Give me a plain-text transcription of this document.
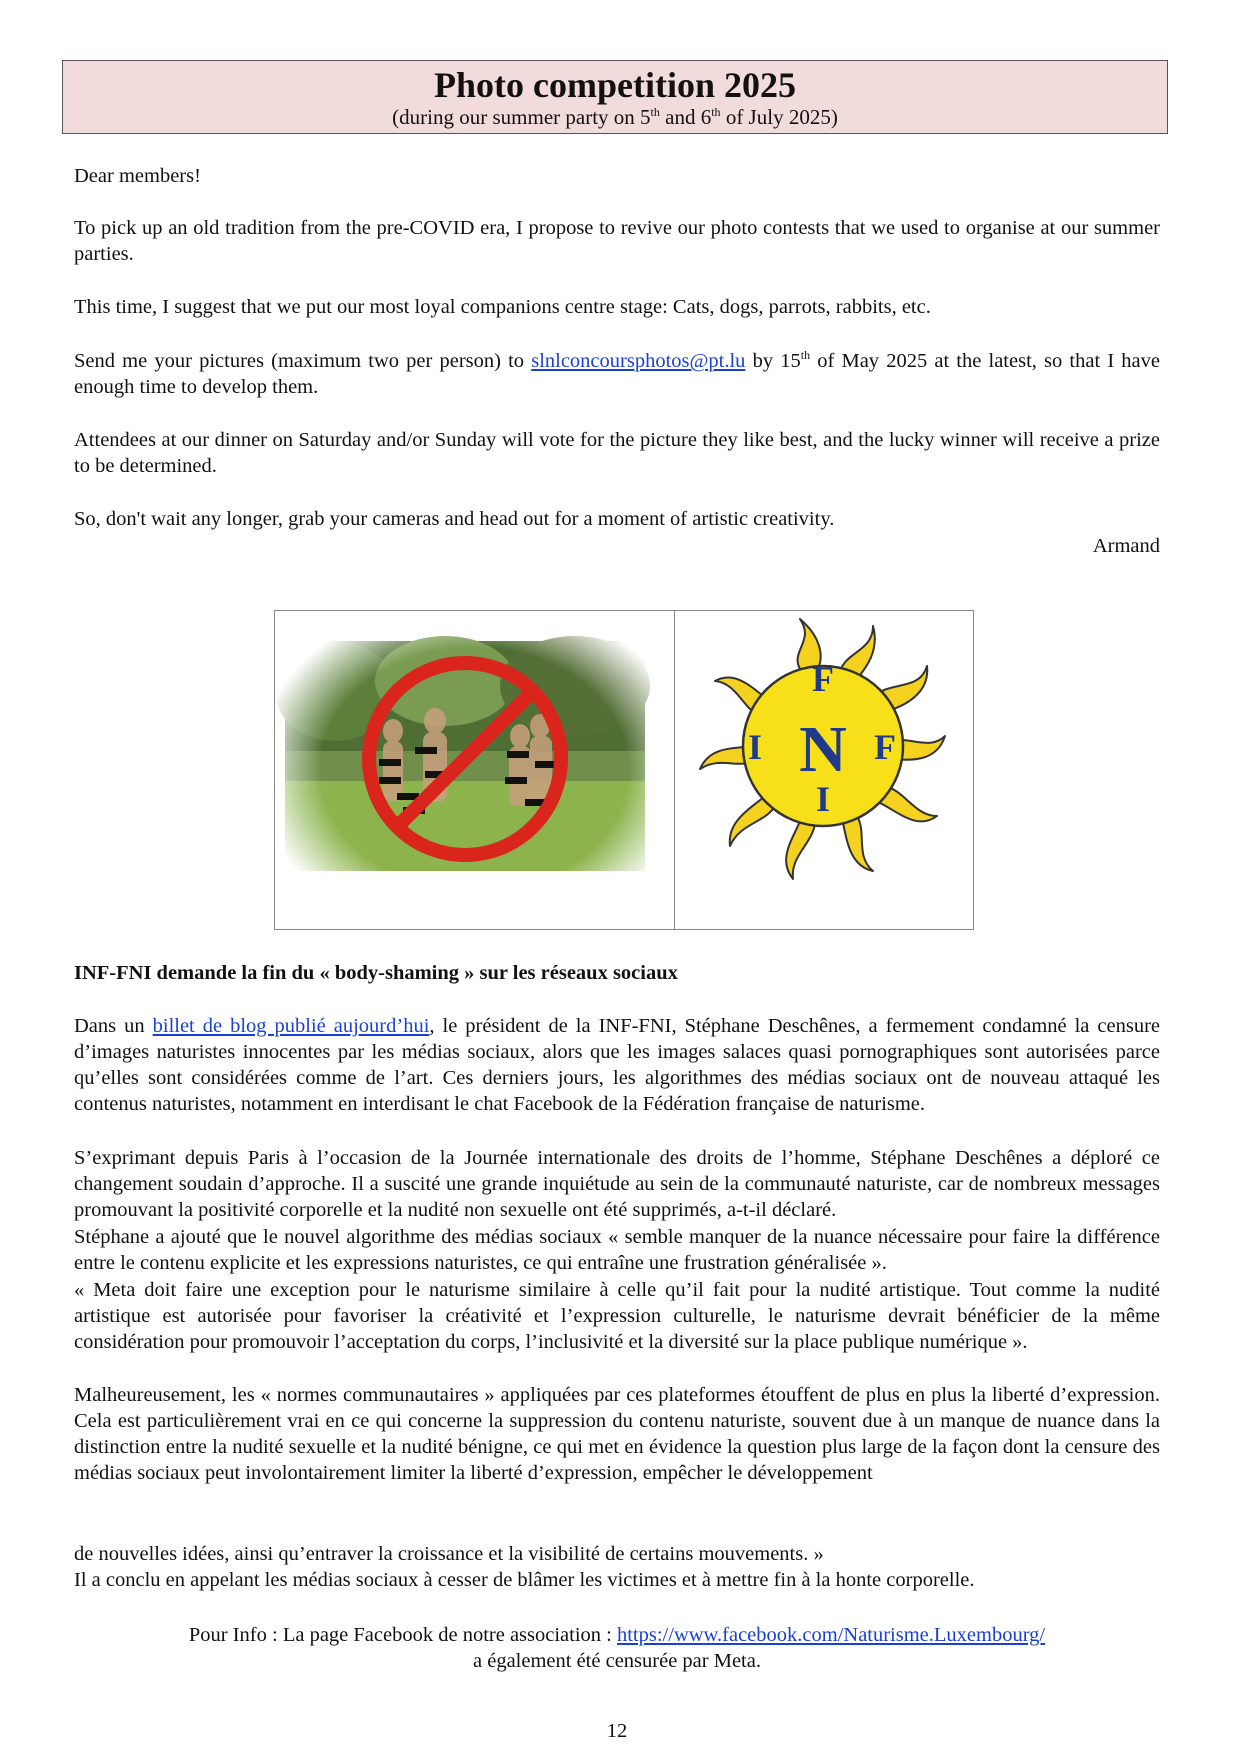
Photo competition 2025
(during our summer party on 5th and 6th of July 2025)
Dear members!
To pick up an old tradition from the pre-COVID era, I propose to revive our photo contests that we used to organise at our summer parties.
This time, I suggest that we put our most loyal companions centre stage: Cats, dogs, parrots, rabbits, etc.
Send me your pictures (maximum two per person) to slnlconcoursphotos@pt.lu by 15th of May 2025 at the latest, so that I have enough time to develop them.
Attendees at our dinner on Saturday and/or Sunday will vote for the picture they like best, and the lucky winner will receive a prize to be determined.
So, don't wait any longer, grab your cameras and head out for a moment of artistic creativity.
Armand
F
I N F
I
INF-FNI demande la fin du « body-shaming » sur les réseaux sociaux
Dans un billet de blog publié aujourd’hui, le président de la INF-FNI, Stéphane Deschênes, a fermement condamné la censure d’images naturistes innocentes par les médias sociaux, alors que les images salaces quasi pornographiques sont autorisées parce qu’elles sont considérées comme de l’art. Ces derniers jours, les algorithmes des médias sociaux ont de nouveau attaqué les contenus naturistes, notamment en interdisant le chat Facebook de la Fédération française de naturisme.
S’exprimant depuis Paris à l’occasion de la Journée internationale des droits de l’homme, Stéphane Deschênes a déploré ce changement soudain d’approche. Il a suscité une grande inquiétude au sein de la communauté naturiste, car de nombreux messages promouvant la positivité corporelle et la nudité non sexuelle ont été supprimés, a-t-il déclaré.
Stéphane a ajouté que le nouvel algorithme des médias sociaux « semble manquer de la nuance nécessaire pour faire la différence entre le contenu explicite et les expressions naturistes, ce qui entraîne une frustration généralisée ».
« Meta doit faire une exception pour le naturisme similaire à celle qu’il fait pour la nudité artistique. Tout comme la nudité artistique est autorisée pour favoriser la créativité et l’expression culturelle, le naturisme devrait bénéficier de la même considération pour promouvoir l’acceptation du corps, l’inclusivité et la diversité sur la place publique numérique ».
Malheureusement, les « normes communautaires » appliquées par ces plateformes étouffent de plus en plus la liberté d’expression. Cela est particulièrement vrai en ce qui concerne la suppression du contenu naturiste, souvent due à un manque de nuance dans la distinction entre la nudité sexuelle et la nudité bénigne, ce qui met en évidence la question plus large de la façon dont la censure des médias sociaux peut involontairement limiter la liberté d’expression, empêcher le développement
de nouvelles idées, ainsi qu’entraver la croissance et la visibilité de certains mouvements. »
Il a conclu en appelant les médias sociaux à cesser de blâmer les victimes et à mettre fin à la honte corporelle.
Pour Info : La page Facebook de notre association : https://www.facebook.com/Naturisme.Luxembourg/
a également été censurée par Meta.
12
